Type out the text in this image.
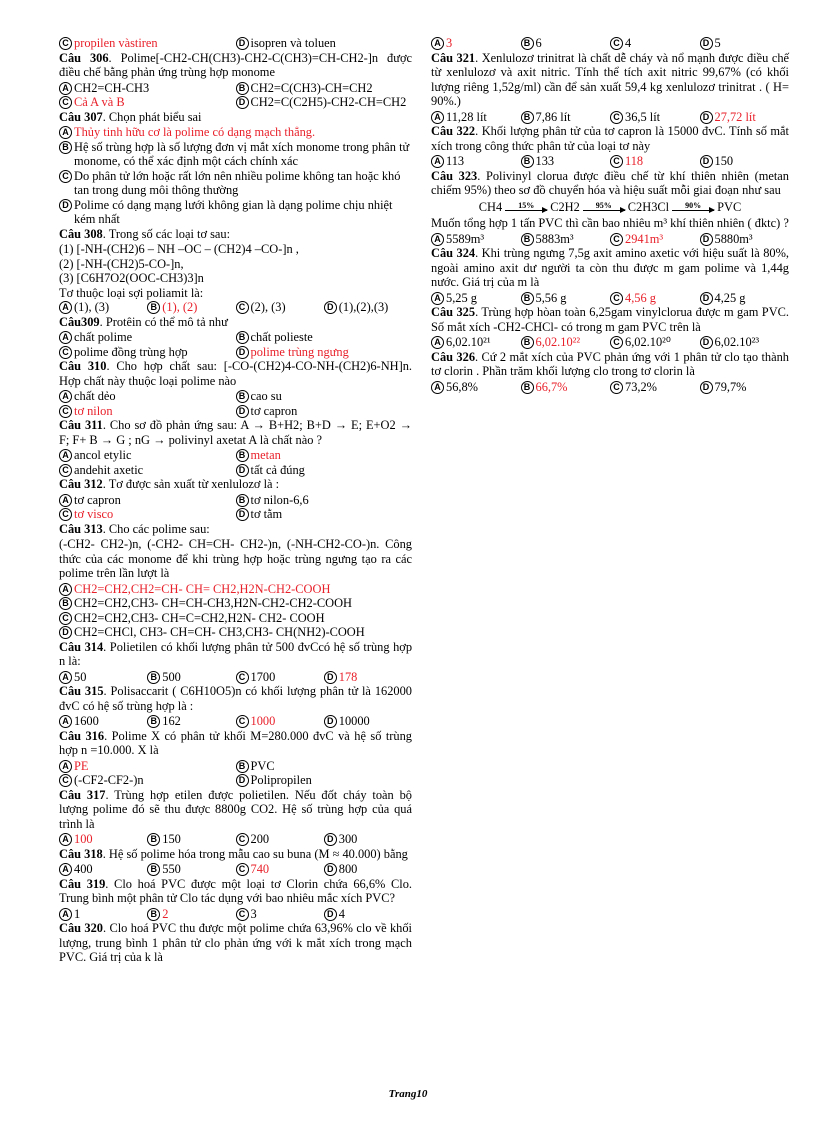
C propilen vàstiren	D isopren và toluen
Câu 306. Polime[-CH2-CH(CH3)-CH2-C(CH3)=CH-CH2-]n được điều chế bằng phản ứng trùng hợp monome
A CH2=CH-CH3	B CH2=C(CH3)-CH=CH2
C Cả A và B	D CH2=C(C2H5)-CH2-CH=CH2
Câu 307. Chọn phát biểu sai
A Thủy tinh hữu cơ là polime có dạng mạch thẳng.
B Hệ số trùng hợp là số lượng đơn vị mắt xích monome trong phân tử monome, có thể xác định một cách chính xác
C Do phân tử lớn hoặc rất lớn nên nhiều polime không tan hoặc khó tan trong dung môi thông thường
D Polime có dạng mạng lưới không gian là dạng polime chịu nhiệt kém nhất
Câu 308. Trong số các loại tơ sau:
(1) [-NH-(CH2)6 – NH –OC – (CH2)4 –CO-]n ,
(2) [-NH-(CH2)5-CO-]n,
(3) [C6H7O2(OOC-CH3)3]n
Tơ thuộc loại sợi poliamit là:
A (1), (3)	B (1), (2)	C (2), (3)	D (1),(2),(3)
Câu309. Protêin có thể mô tả như
A chất polime	B chất polieste
C polime đồng trùng hợp	D polime trùng ngưng
Câu 310. Cho hợp chất sau: [-CO-(CH2)4-CO-NH-(CH2)6-NH]n. Hợp chất này thuộc loại polime nào
A chất dẻo	B cao su
C tơ nilon	D tơ capron
Câu 311. Cho sơ đồ phản ứng sau: A → B+H2; B+D → E; E+O2 → F; F+ B → G ; nG → polivinyl axetat A là chất nào ?
A ancol etylic	B metan
C andehit axetic	D tất cả đúng
Câu 312. Tơ được sản xuất từ xenlulozơ là :
A tơ capron	B tơ nilon-6,6
C tơ visco	D tơ tằm
Câu 313. Cho các polime sau:
(-CH2- CH2-)n, (-CH2- CH=CH- CH2-)n, (-NH-CH2-CO-)n. Công thức của các monome để khi trùng hợp hoặc trùng ngưng tạo ra các polime trên lần lượt là
A CH2=CH2,CH2=CH- CH= CH2,H2N-CH2-COOH
B CH2=CH2,CH3- CH=CH-CH3,H2N-CH2-CH2-COOH
C CH2=CH2,CH3- CH=C=CH2,H2N- CH2- COOH
D CH2=CHCl, CH3- CH=CH- CH3,CH3- CH(NH2)-COOH
Câu 314. Polietilen có khối lượng phân tử 500 đvCcó hệ số trùng hợp n là:
A 50	B 500	C 1700	D 178
Câu 315. Polisaccarit ( C6H10O5)n có khối lượng phân tử là 162000 đvC có hệ số trùng hợp là :
A 1600	B 162	C 1000	D 10000
Câu 316. Polime X có phân tử khối M=280.000 đvC và hệ số trùng hợp n =10.000. X là
A PE	B PVC
C (-CF2-CF2-)n	D Polipropilen
Câu 317. Trùng hợp etilen được polietilen. Nếu đốt cháy toàn bộ lượng polime đó sẽ thu được 8800g CO2. Hệ số trùng hợp của quá trình là
A 100	B 150	C 200	D 300
Câu 318. Hệ số polime hóa trong mẫu cao su buna (M ≈ 40.000) bằng
A 400	B 550	C 740	D 800
Câu 319. Clo hoá PVC được một loại tơ Clorin chứa 66,6% Clo. Trung bình một phân tử Clo tác dụng với bao nhiêu mắc xích PVC?
A 1	B 2	C 3	D 4
Câu 320. Clo hoá PVC thu được một polime chứa 63,96% clo về khối lượng, trung bình 1 phân tử clo phản ứng với k mắt xích trong mạch PVC. Giá trị của k là
A 3	B 6	C 4	D 5
Câu 321. Xenlulozơ trinitrat là chất dễ cháy và nổ mạnh được điều chế từ xenlulozơ và axit nitric. Tính thể tích axit nitric 99,67% (có khối lượng riêng 1,52g/ml) cần để sản xuất 59,4 kg xenlulozơ trinitrat . ( H= 90%.)
A 11,28 lít	B 7,86 lít	C 36,5 lít	D 27,72 lít
Câu 322. Khối lượng phân tử của tơ capron là 15000 đvC. Tính số mắt xích trong công thức phân tử của loại tơ này
A 113	B 133	C 118	D 150
Câu 323. Polivinyl clorua được điều chế từ khí thiên nhiên (metan chiếm 95%) theo sơ đồ chuyển hóa và hiệu suất mỗi giai đoạn như sau
CH4 15% C2H2 95% C2H3Cl 90% PVC
Muốn tổng hợp 1 tấn PVC thì cần bao nhiêu m³ khí thiên nhiên ( đktc) ?
A 5589m³	B 5883m³	C 2941m³	D 5880m³
Câu 324. Khi trùng ngưng 7,5g axit amino axetic với hiệu suất là 80%, ngoài amino axit dư người ta còn thu được m gam polime và 1,44g nước. Giá trị của m là
A 5,25 g	B 5,56 g	C 4,56 g	D 4,25 g
Câu 325. Trùng hợp hòan toàn 6,25gam vinylclorua được m gam PVC. Số mắt xích -CH2-CHCl- có trong m gam PVC trên là
A 6,02.10²¹	B 6,02.10²²	C 6,02.10²⁰	D 6,02.10²³
Câu 326. Cứ 2 mắt xích của PVC phản ứng với 1 phân tử clo tạo thành tơ clorin . Phần trăm khối lượng clo trong tơ clorin là
A 56,8%	B 66,7%	C 73,2%	D 79,7%
Trang10
